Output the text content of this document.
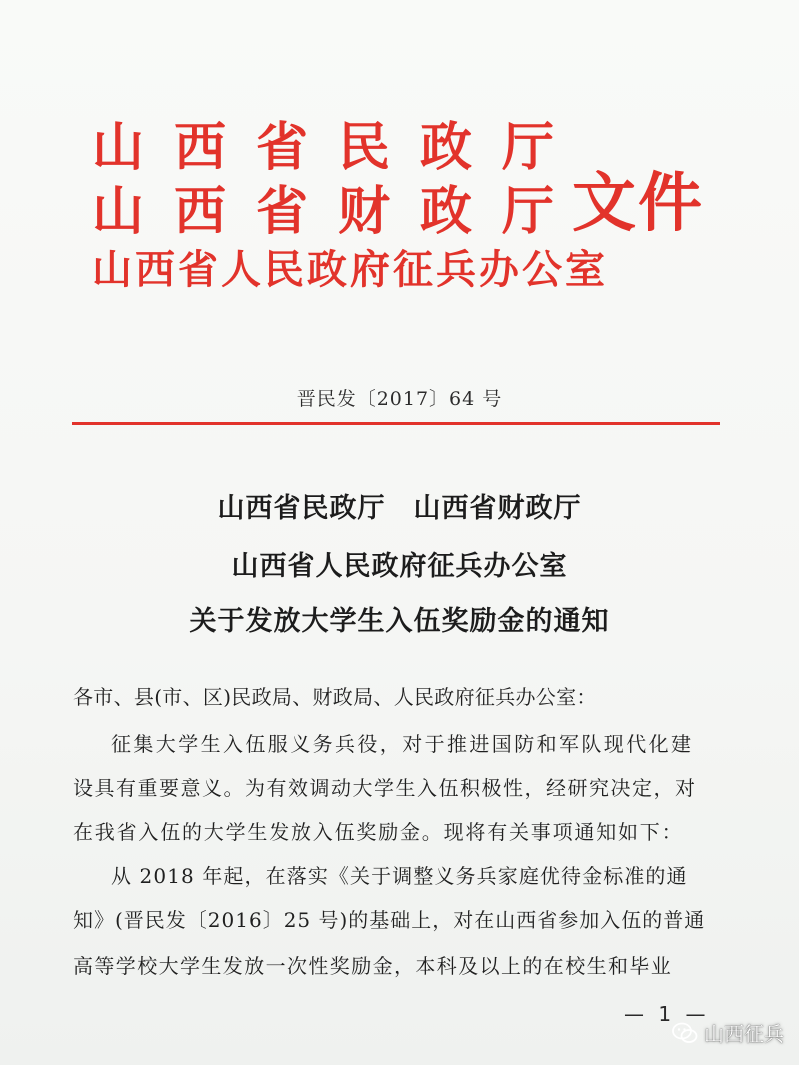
山西省民政厅
山西省财政厅
山西省人民政府征兵办公室
文件
晋民发〔2017〕64 号
山西省民政厅　山西省财政厅
山西省人民政府征兵办公室
关于发放大学生入伍奖励金的通知
各市、县(市、区)民政局、财政局、人民政府征兵办公室：
征集大学生入伍服义务兵役，对于推进国防和军队现代化建
设具有重要意义。为有效调动大学生入伍积极性，经研究决定，对
在我省入伍的大学生发放入伍奖励金。现将有关事项通知如下：
从 2018 年起，在落实《关于调整义务兵家庭优待金标准的通
知》(晋民发〔2016〕25 号)的基础上，对在山西省参加入伍的普通
高等学校大学生发放一次性奖励金，本科及以上的在校生和毕业
— 1 —
山西征兵
